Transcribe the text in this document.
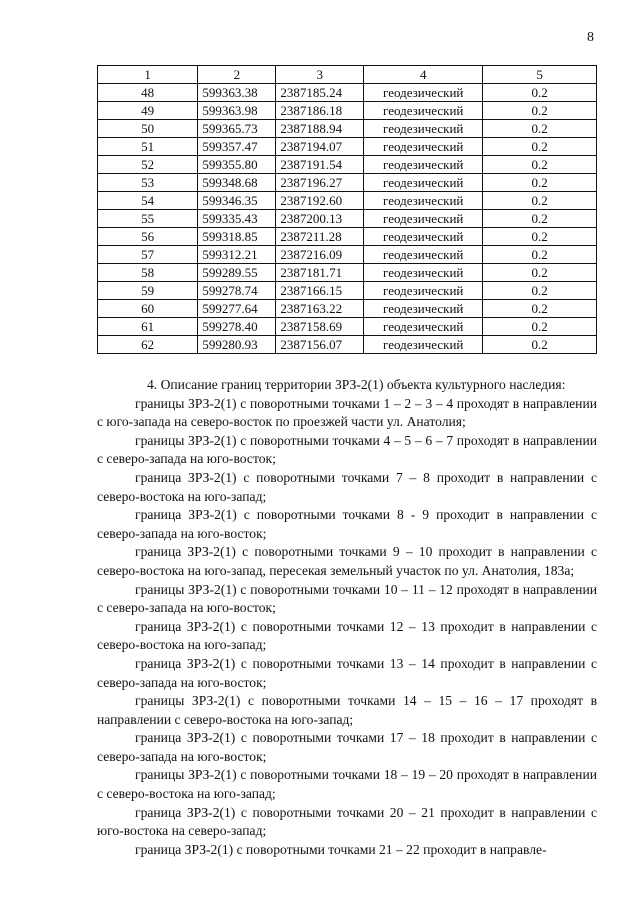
8
1	2	3	4	5
48	599363.38	2387185.24	геодезический	0.2
49	599363.98	2387186.18	геодезический	0.2
50	599365.73	2387188.94	геодезический	0.2
51	599357.47	2387194.07	геодезический	0.2
52	599355.80	2387191.54	геодезический	0.2
53	599348.68	2387196.27	геодезический	0.2
54	599346.35	2387192.60	геодезический	0.2
55	599335.43	2387200.13	геодезический	0.2
56	599318.85	2387211.28	геодезический	0.2
57	599312.21	2387216.09	геодезический	0.2
58	599289.55	2387181.71	геодезический	0.2
59	599278.74	2387166.15	геодезический	0.2
60	599277.64	2387163.22	геодезический	0.2
61	599278.40	2387158.69	геодезический	0.2
62	599280.93	2387156.07	геодезический	0.2

4. Описание границ территории ЗРЗ-2(1) объекта культурного наследия:

границы ЗРЗ-2(1) с поворотными точками 1 – 2 – 3 – 4 проходят в направлении с юго-запада на северо-восток по проезжей части ул. Анатолия;

границы ЗРЗ-2(1) с поворотными точками 4 – 5 – 6 – 7 проходят в направлении с северо-запада на юго-восток;

граница ЗРЗ-2(1) с поворотными точками 7 – 8 проходит в направлении с северо-востока на юго-запад;

граница ЗРЗ-2(1) с поворотными точками 8 - 9 проходит в направлении с северо-запада на юго-восток;

граница ЗРЗ-2(1) с поворотными точками 9 – 10 проходит в направлении с северо-востока на юго-запад, пересекая земельный участок по ул. Анатолия, 183а;

границы ЗРЗ-2(1) с поворотными точками 10 – 11 – 12 проходят в направлении с северо-запада на юго-восток;

граница ЗРЗ-2(1) с поворотными точками 12 – 13 проходит в направлении с северо-востока на юго-запад;

граница ЗРЗ-2(1) с поворотными точками 13 – 14 проходит в направлении с северо-запада на юго-восток;

границы ЗРЗ-2(1) с поворотными точками 14 – 15 – 16 – 17 проходят в направлении с северо-востока на юго-запад;

граница ЗРЗ-2(1) с поворотными точками 17 – 18 проходит в направлении с северо-запада на юго-восток;

границы ЗРЗ-2(1) с поворотными точками 18 – 19 – 20 проходят в направлении с северо-востока на юго-запад;

граница ЗРЗ-2(1) с поворотными точками 20 – 21 проходит в направлении с юго-востока на северо-запад;

граница ЗРЗ-2(1) с поворотными точками 21 – 22 проходит в направле-
